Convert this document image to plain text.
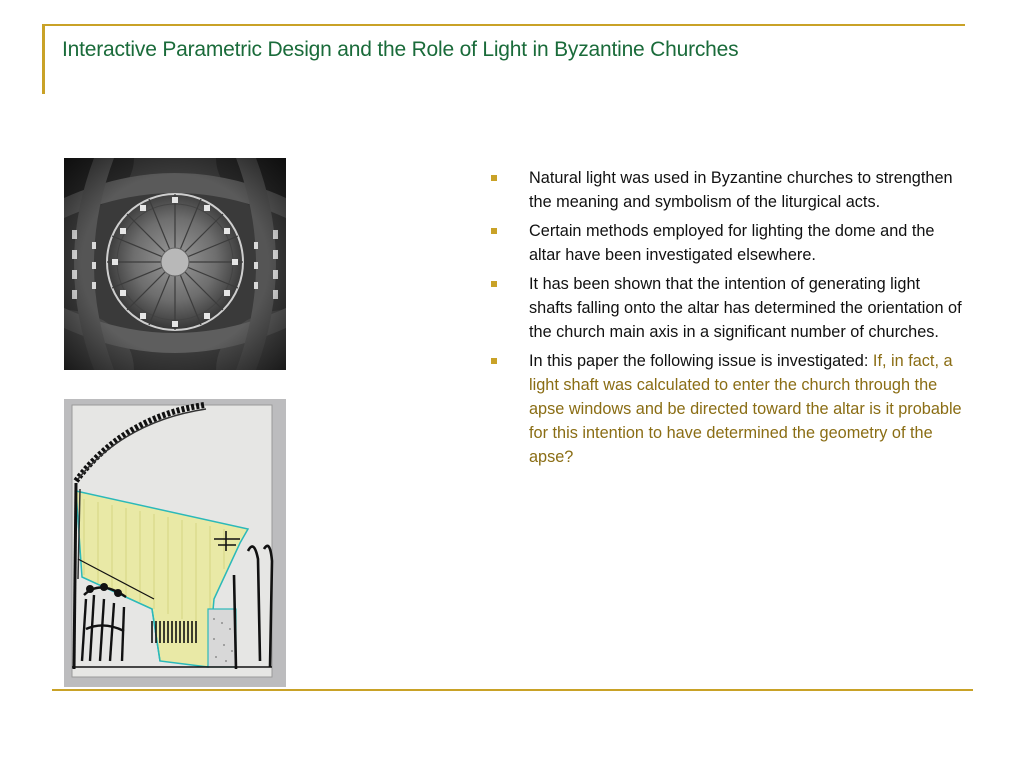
Interactive Parametric Design and the Role of Light in Byzantine Churches
Natural light was used in Byzantine churches to strengthen the meaning and symbolism of the liturgical acts.
Certain methods employed for lighting the dome and the altar have been investigated elsewhere.
It has been shown that the intention of generating light shafts falling onto the altar has determined the orientation of the church main axis in a significant number of churches.
In this paper the following issue is investigated: If, in fact, a light shaft was calculated to enter the church through the apse windows and be directed toward the altar is it probable for this intention to have determined the geometry of the apse?
